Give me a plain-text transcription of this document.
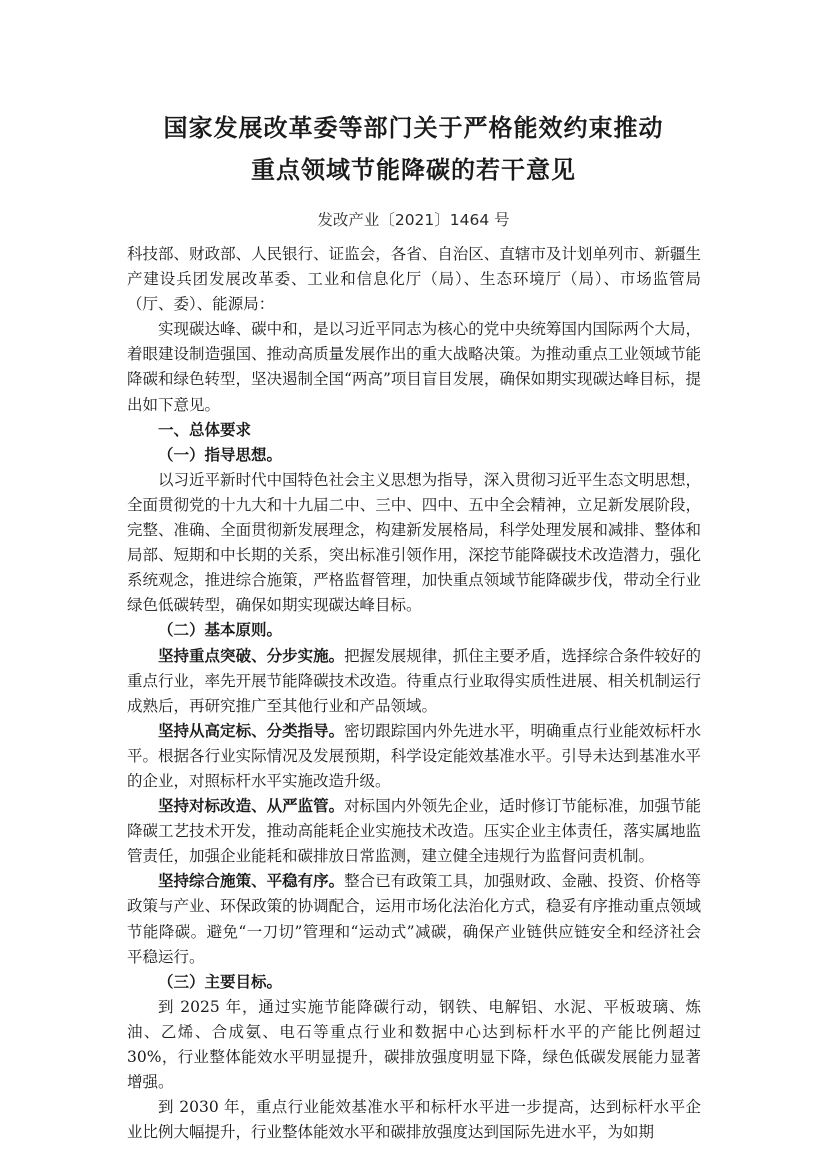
国家发展改革委等部门关于严格能效约束推动
重点领域节能降碳的若干意见
发改产业〔2021〕1464 号

科技部、财政部、人民银行、证监会，各省、自治区、直辖市及计划单列市、新疆生产建设兵团发展改革委、工业和信息化厅（局）、生态环境厅（局）、市场监管局（厅、委）、能源局：

实现碳达峰、碳中和，是以习近平同志为核心的党中央统筹国内国际两个大局，着眼建设制造强国、推动高质量发展作出的重大战略决策。为推动重点工业领域节能降碳和绿色转型，坚决遏制全国“两高”项目盲目发展，确保如期实现碳达峰目标，提出如下意见。

一、总体要求

（一）指导思想。

以习近平新时代中国特色社会主义思想为指导，深入贯彻习近平生态文明思想，全面贯彻党的十九大和十九届二中、三中、四中、五中全会精神，立足新发展阶段，完整、准确、全面贯彻新发展理念，构建新发展格局，科学处理发展和减排、整体和局部、短期和中长期的关系，突出标准引领作用，深挖节能降碳技术改造潜力，强化系统观念，推进综合施策，严格监督管理，加快重点领域节能降碳步伐，带动全行业绿色低碳转型，确保如期实现碳达峰目标。

（二）基本原则。

坚持重点突破、分步实施。把握发展规律，抓住主要矛盾，选择综合条件较好的重点行业，率先开展节能降碳技术改造。待重点行业取得实质性进展、相关机制运行成熟后，再研究推广至其他行业和产品领域。

坚持从高定标、分类指导。密切跟踪国内外先进水平，明确重点行业能效标杆水平。根据各行业实际情况及发展预期，科学设定能效基准水平。引导未达到基准水平的企业，对照标杆水平实施改造升级。

坚持对标改造、从严监管。对标国内外领先企业，适时修订节能标准，加强节能降碳工艺技术开发，推动高能耗企业实施技术改造。压实企业主体责任，落实属地监管责任，加强企业能耗和碳排放日常监测，建立健全违规行为监督问责机制。

坚持综合施策、平稳有序。整合已有政策工具，加强财政、金融、投资、价格等政策与产业、环保政策的协调配合，运用市场化法治化方式，稳妥有序推动重点领域节能降碳。避免“一刀切”管理和“运动式”减碳，确保产业链供应链安全和经济社会平稳运行。

（三）主要目标。

到 2025 年，通过实施节能降碳行动，钢铁、电解铝、水泥、平板玻璃、炼油、乙烯、合成氨、电石等重点行业和数据中心达到标杆水平的产能比例超过 30%，行业整体能效水平明显提升，碳排放强度明显下降，绿色低碳发展能力显著增强。

到 2030 年，重点行业能效基准水平和标杆水平进一步提高，达到标杆水平企业比例大幅提升，行业整体能效水平和碳排放强度达到国际先进水平，为如期
